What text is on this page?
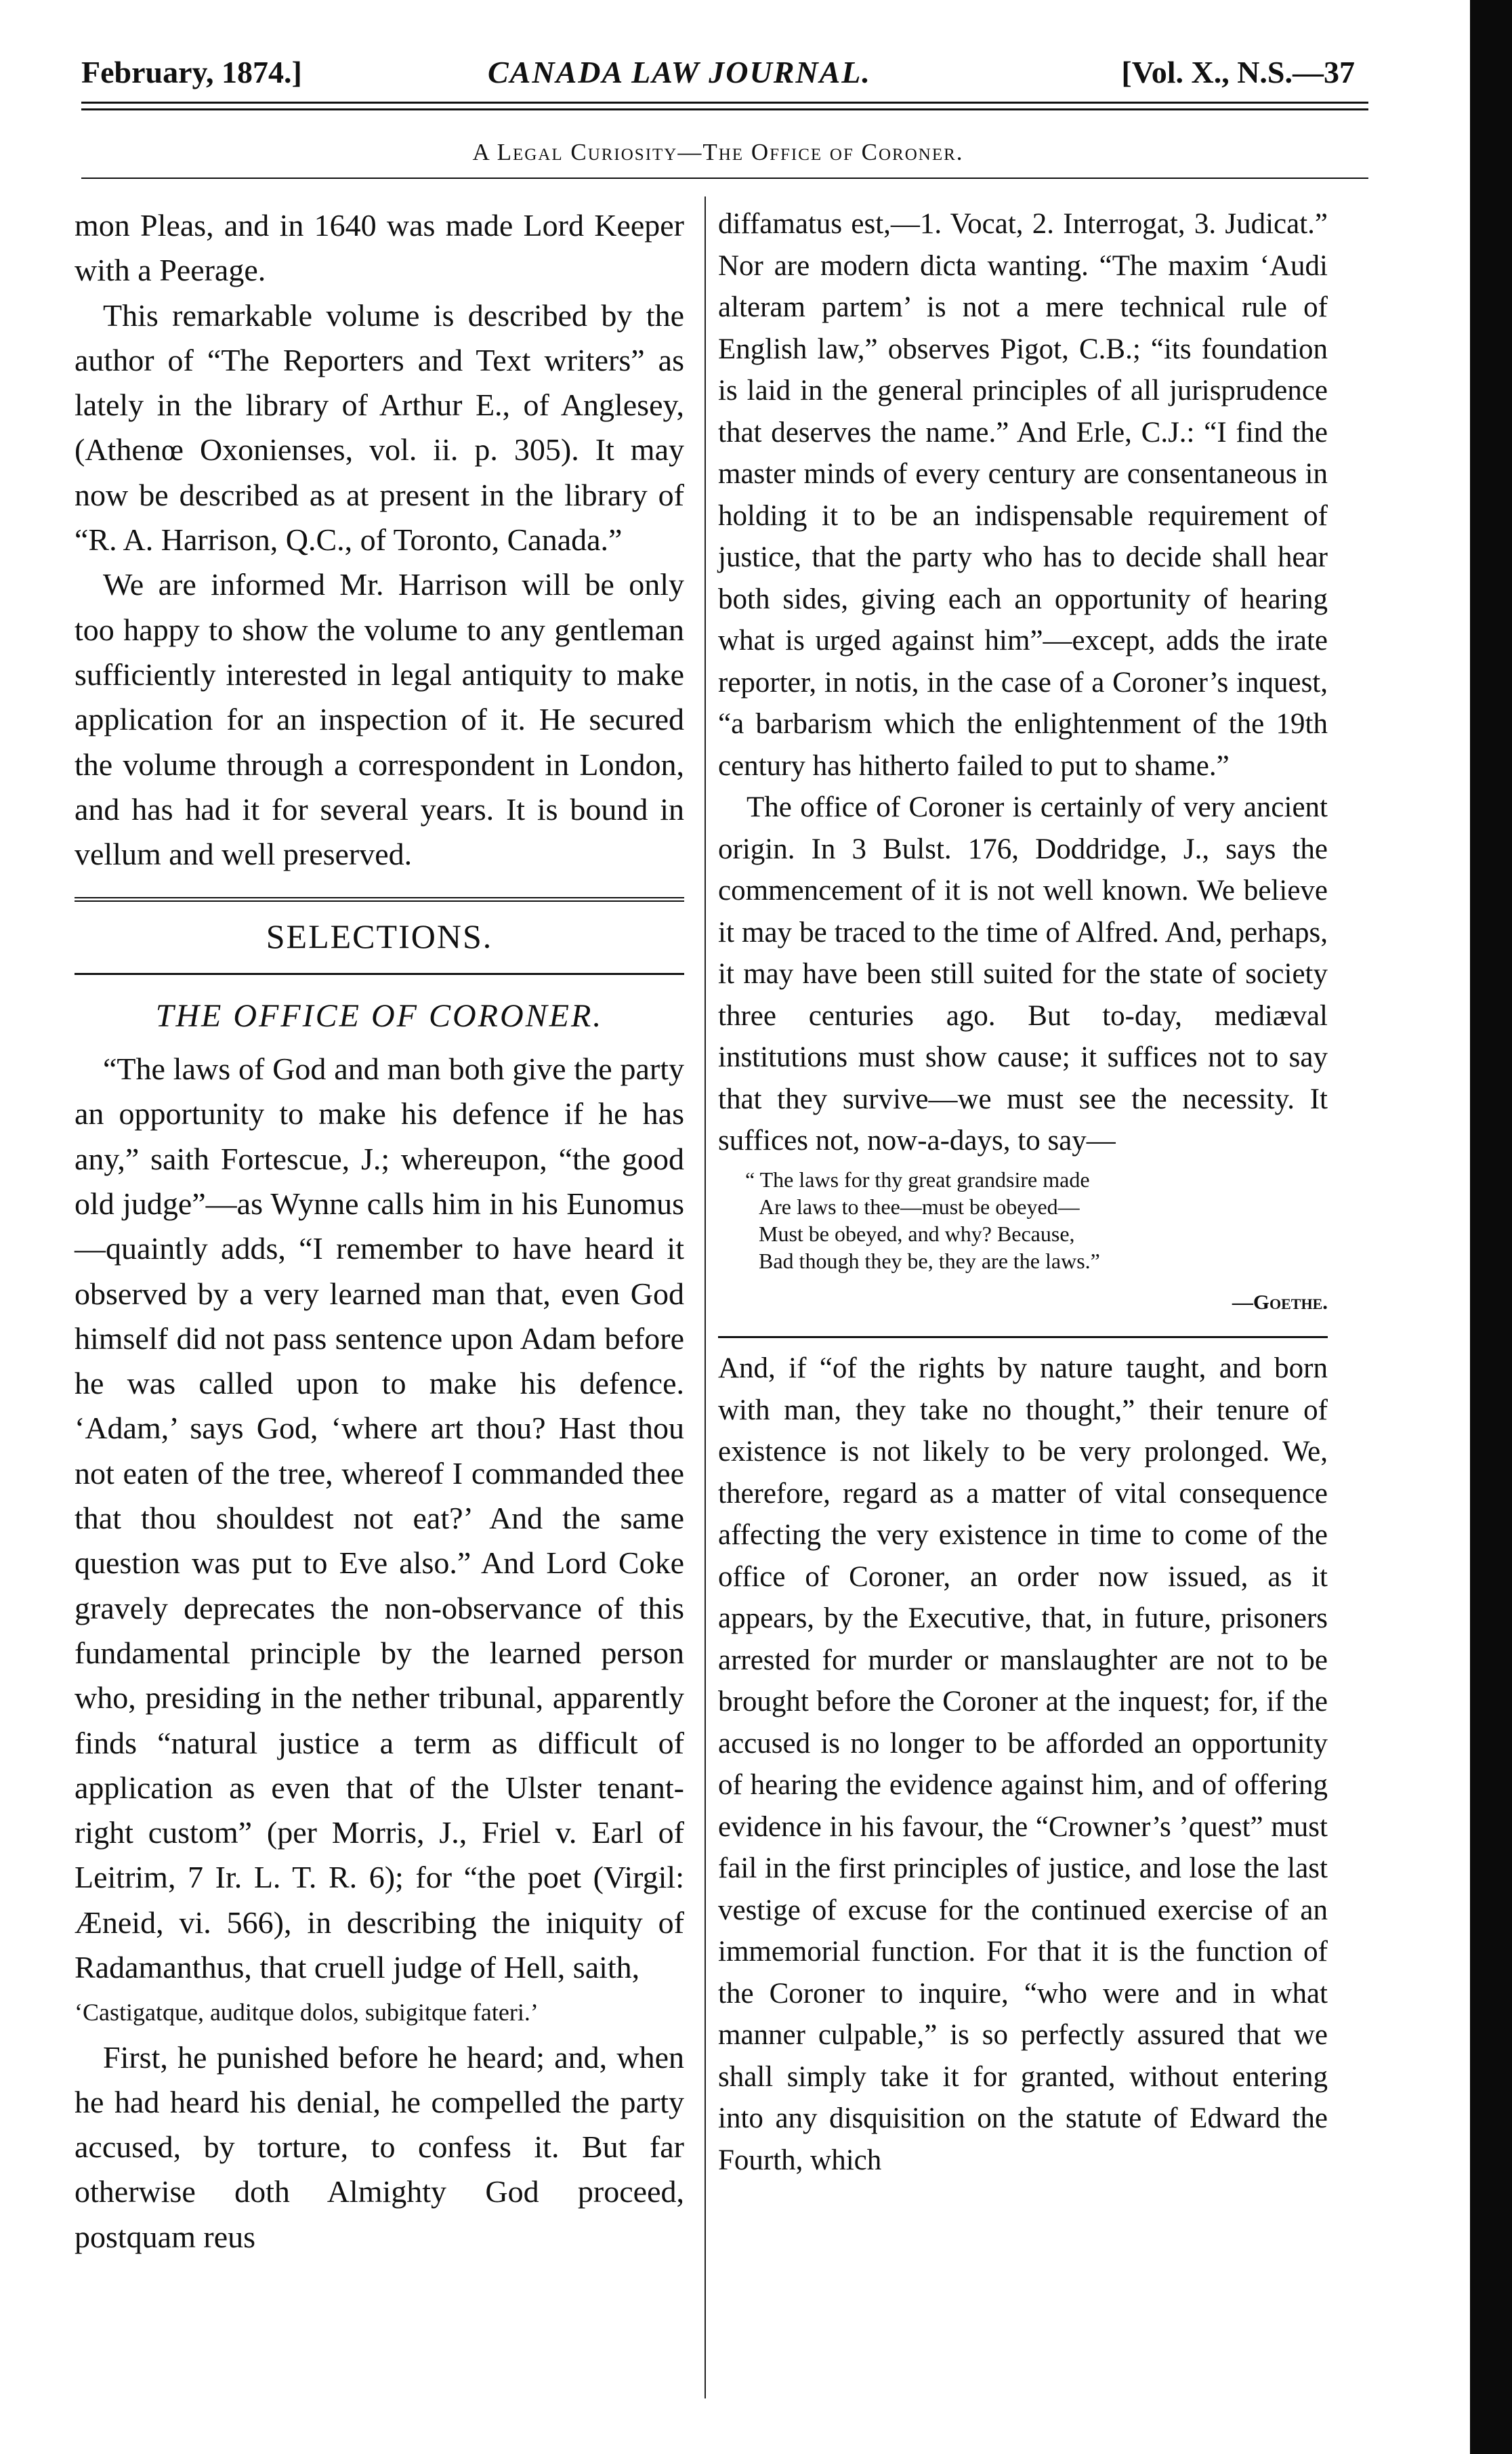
February, 1874.]	CANADA LAW JOURNAL.	[Vol. X., N.S.—37
A Legal Curiosity—The Office of Coroner.

mon Pleas, and in 1640 was made Lord Keeper with a Peerage.

This remarkable volume is described by the author of “The Reporters and Text writers” as lately in the library of Arthur E., of Anglesey, (Athenœ Oxonienses, vol. ii. p. 305). It may now be described as at present in the library of “R. A. Harrison, Q.C., of Toronto, Canada.”

We are informed Mr. Harrison will be only too happy to show the volume to any gentleman sufficiently interested in legal antiquity to make application for an inspection of it. He secured the volume through a correspondent in London, and has had it for several years. It is bound in vellum and well preserved.

SELECTIONS.
THE OFFICE OF CORONER.

“The laws of God and man both give the party an opportunity to make his defence if he has any,” saith Fortescue, J.; whereupon, “the good old judge”—as Wynne calls him in his Eunomus—quaintly adds, “I remember to have heard it observed by a very learned man that, even God himself did not pass sentence upon Adam before he was called upon to make his defence. ‘Adam,’ says God, ‘where art thou? Hast thou not eaten of the tree, whereof I commanded thee that thou shouldest not eat?’ And the same question was put to Eve also.” And Lord Coke gravely deprecates the non-observance of this fundamental principle by the learned person who, presiding in the nether tribunal, apparently finds “natural justice a term as difficult of application as even that of the Ulster tenant-right custom” (per Morris, J., Friel v. Earl of Leitrim, 7 Ir. L. T. R. 6); for “the poet (Virgil: Æneid, vi. 566), in describing the iniquity of Radamanthus, that cruell judge of Hell, saith,

‘Castigatque, auditque dolos, subigitque fateri.’

First, he punished before he heard; and, when he had heard his denial, he compelled the party accused, by torture, to confess it. But far otherwise doth Almighty God proceed, postquam reus

diffamatus est,—1. Vocat, 2. Interrogat, 3. Judicat.” Nor are modern dicta wanting. “The maxim ‘Audi alteram partem’ is not a mere technical rule of English law,” observes Pigot, C.B.; “its foundation is laid in the general principles of all jurisprudence that deserves the name.” And Erle, C.J.: “I find the master minds of every century are consentaneous in holding it to be an indispensable requirement of justice, that the party who has to decide shall hear both sides, giving each an opportunity of hearing what is urged against him”—except, adds the irate reporter, in notis, in the case of a Coroner’s inquest, “a barbarism which the enlightenment of the 19th century has hitherto failed to put to shame.”

The office of Coroner is certainly of very ancient origin. In 3 Bulst. 176, Doddridge, J., says the commencement of it is not well known. We believe it may be traced to the time of Alfred. And, perhaps, it may have been still suited for the state of society three centuries ago. But to-day, mediæval institutions must show cause; it suffices not to say that they survive—we must see the necessity. It suffices not, now-a-days, to say—

“ The laws for thy great grandsire made
Are laws to thee—must be obeyed—
Must be obeyed, and why? Because,
Bad though they be, they are the laws.”
—Goethe.

And, if “of the rights by nature taught, and born with man, they take no thought,” their tenure of existence is not likely to be very prolonged. We, therefore, regard as a matter of vital consequence affecting the very existence in time to come of the office of Coroner, an order now issued, as it appears, by the Executive, that, in future, prisoners arrested for murder or manslaughter are not to be brought before the Coroner at the inquest; for, if the accused is no longer to be afforded an opportunity of hearing the evidence against him, and of offering evidence in his favour, the “Crowner’s ’quest” must fail in the first principles of justice, and lose the last vestige of excuse for the continued exercise of an immemorial function. For that it is the function of the Coroner to inquire, “who were and in what manner culpable,” is so perfectly assured that we shall simply take it for granted, without entering into any disquisition on the statute of Edward the Fourth, which
